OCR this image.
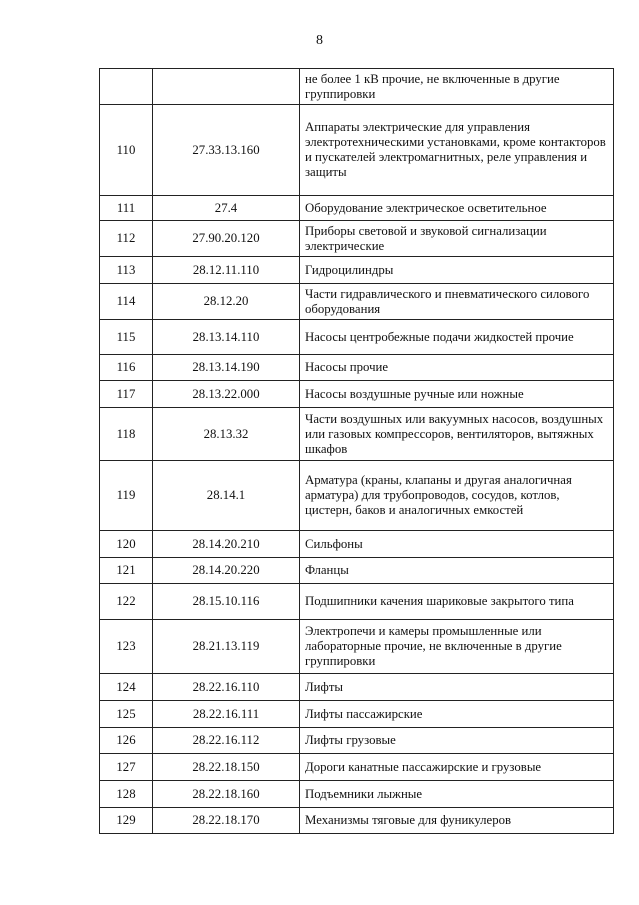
8
		не более 1 кВ прочие, не включенные в другие группировки
110	27.33.13.160	Аппараты электрические для управления электротехническими установками, кроме контакторов и пускателей электромагнитных, реле управления и защиты
111	27.4	Оборудование электрическое осветительное
112	27.90.20.120	Приборы световой и звуковой сигнализации электрические
113	28.12.11.110	Гидроцилиндры
114	28.12.20	Части гидравлического и пневматического силового оборудования
115	28.13.14.110	Насосы центробежные подачи жидкостей прочие
116	28.13.14.190	Насосы прочие
117	28.13.22.000	Насосы воздушные ручные или ножные
118	28.13.32	Части воздушных или вакуумных насосов, воздушных или газовых компрессоров, вентиляторов, вытяжных шкафов
119	28.14.1	Арматура (краны, клапаны и другая аналогичная арматура) для трубопроводов, сосудов, котлов, цистерн, баков и аналогичных емкостей
120	28.14.20.210	Сильфоны
121	28.14.20.220	Фланцы
122	28.15.10.116	Подшипники качения шариковые закрытого типа
123	28.21.13.119	Электропечи и камеры промышленные или лабораторные прочие, не включенные в другие группировки
124	28.22.16.110	Лифты
125	28.22.16.111	Лифты пассажирские
126	28.22.16.112	Лифты грузовые
127	28.22.18.150	Дороги канатные пассажирские и грузовые
128	28.22.18.160	Подъемники лыжные
129	28.22.18.170	Механизмы тяговые для фуникулеров
